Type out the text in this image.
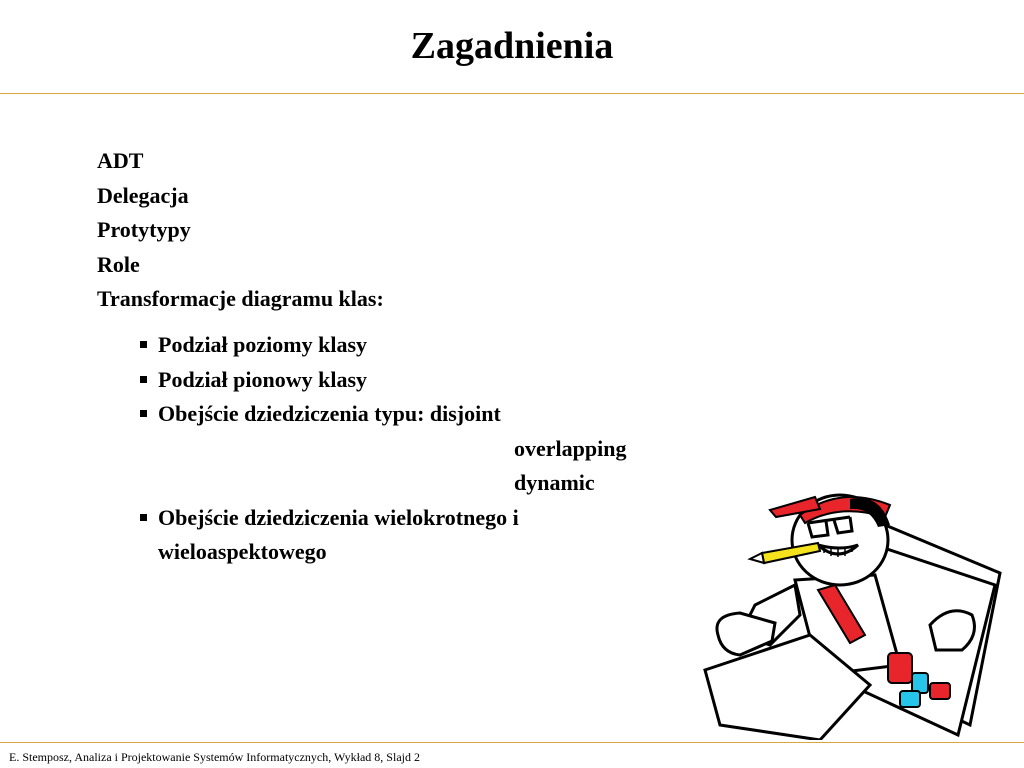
Zagadnienia
ADT
Delegacja
Protytypy
Role
Transformacje diagramu klas:
Podział poziomy klasy
Podział pionowy klasy
Obejście dziedziczenia typu: disjoint
overlapping
dynamic
Obejście dziedziczenia wielokrotnego i
wieloaspektowego
E. Stemposz, Analiza i Projektowanie Systemów Informatycznych, Wykład 8, Slajd 2
